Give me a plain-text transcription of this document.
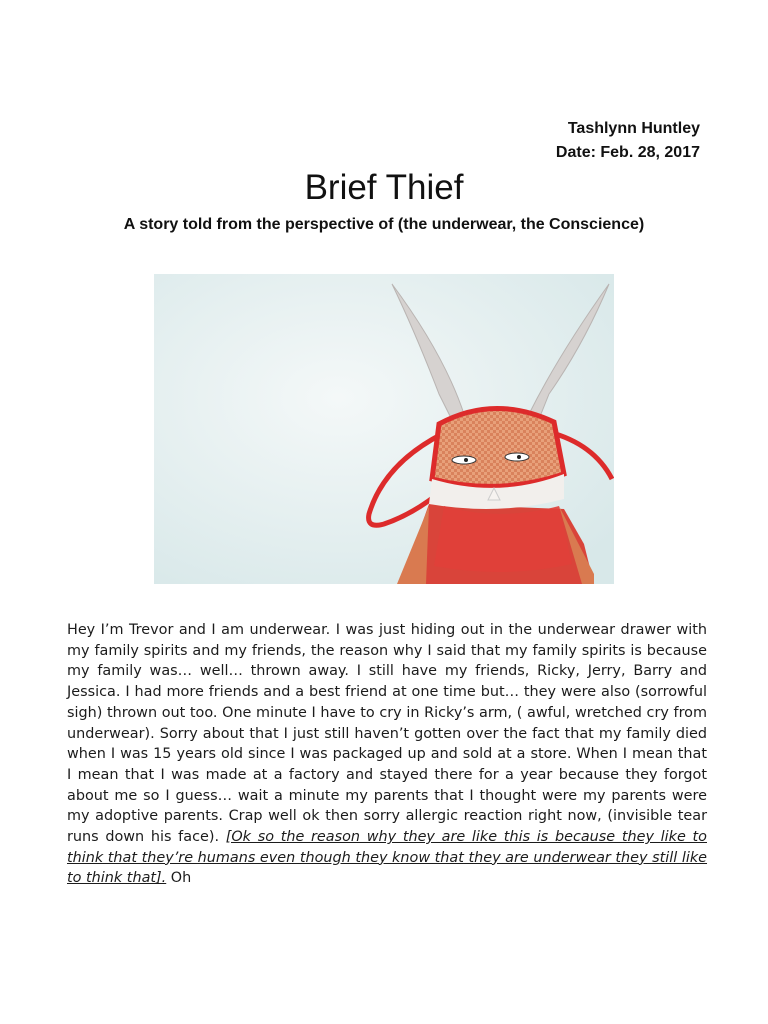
Tashlynn Huntley
Date: Feb. 28, 2017
Brief Thief
A story told from the perspective of (the underwear, the Conscience)
Hey I’m Trevor and I am underwear. I was just hiding out in the underwear drawer with my family spirits and my friends, the reason why I said that my family spirits is because my family was… well… thrown away. I still have my friends, Ricky, Jerry, Barry and Jessica. I had more friends and a best friend at one time but… they were also (sorrowful sigh) thrown out too. One minute I have to cry in Ricky’s arm, ( awful, wretched cry from underwear). Sorry about that I just still haven’t gotten over the fact that my family died when I was 15 years old since I was packaged up and sold at a store. When I mean that I mean that I was made at a factory and stayed there for a year because they forgot about me so I guess… wait a minute my parents that I thought were my parents were my adoptive parents. Crap well ok then sorry allergic reaction right now, (invisible tear runs down his face). [Ok so the reason why they are like this is because they like to think that they’re humans even though they know that they are underwear they still like to think that]. Oh
